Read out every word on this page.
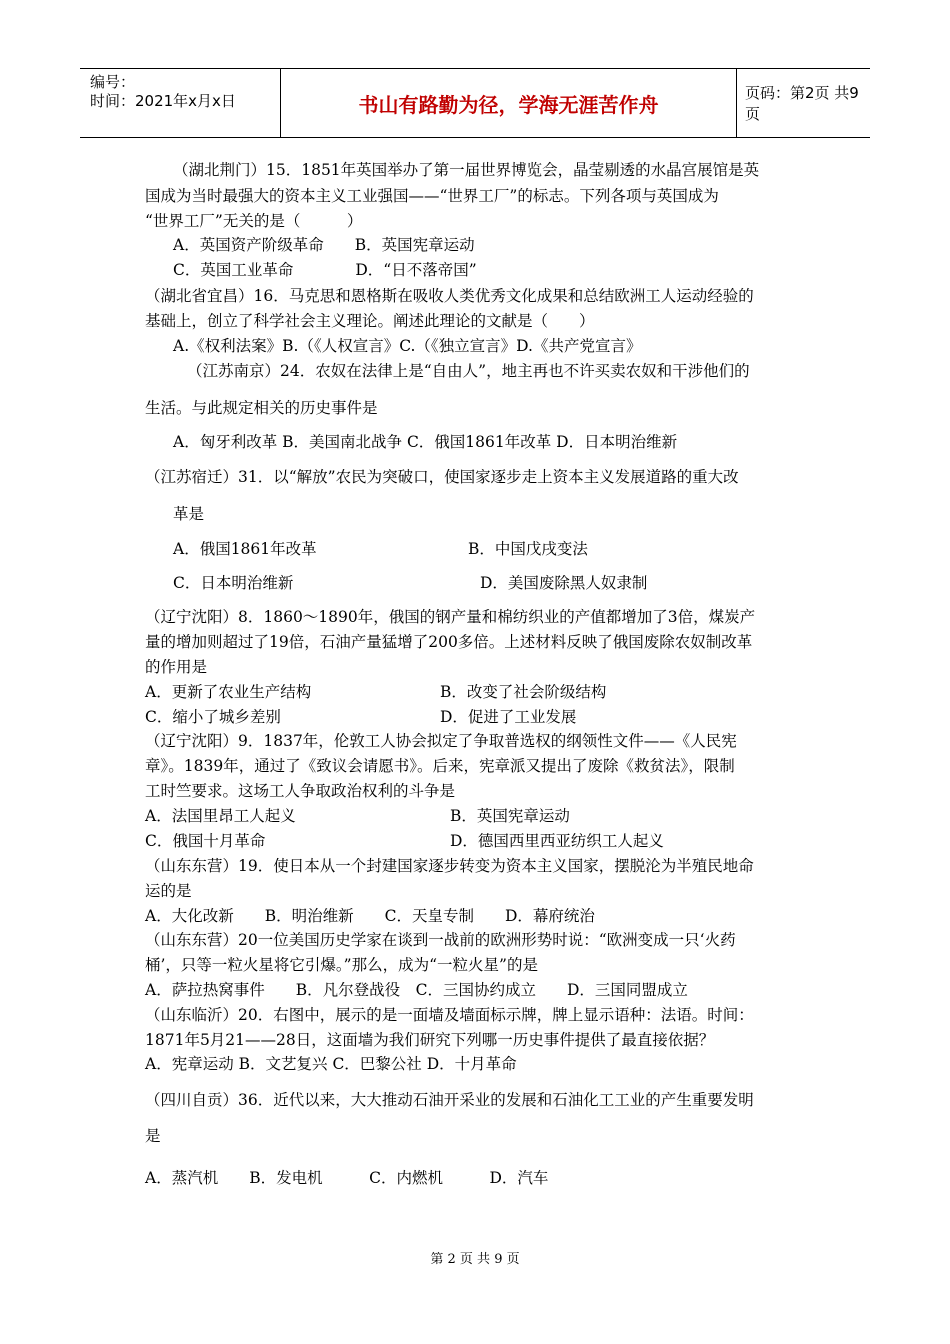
编号：
时间：2021年x月x日	书山有路勤为径，学海无涯苦作舟	页码：第2页 共9页
（湖北荆门）15．1851年英国举办了第一届世界博览会，晶莹剔透的水晶宫展馆是英
国成为当时最强大的资本主义工业强国——“世界工厂”的标志。下列各项与英国成为
“世界工厂”无关的是（　　　）
A．英国资产阶级革命　　B．英国宪章运动
C．英国工业革命　　　　D．“日不落帝国”
（湖北省宜昌）16．马克思和恩格斯在吸收人类优秀文化成果和总结欧洲工人运动经验的
基础上，创立了科学社会主义理论。阐述此理论的文献是（　　）
A.《权利法案》B.（《人权宣言》C.（《独立宣言》D.《共产党宣言》
（江苏南京）24．农奴在法律上是“自由人”，地主再也不许买卖农奴和干涉他们的
生活。与此规定相关的历史事件是
A．匈牙利改革 B．美国南北战争 C．俄国1861年改革 D．日本明治维新
（江苏宿迁）31．以“解放”农民为突破口，使国家逐步走上资本主义发展道路的重大改
革是
A．俄国1861年改革	B．中国戊戌变法
C．日本明治维新	D．美国废除黑人奴隶制
（辽宁沈阳）8．1860～1890年，俄国的钢产量和棉纺织业的产值都增加了3倍，煤炭产
量的增加则超过了19倍，石油产量猛增了200多倍。上述材料反映了俄国废除农奴制改革
的作用是
A．更新了农业生产结构	B．改变了社会阶级结构
C．缩小了城乡差别	D．促进了工业发展
（辽宁沈阳）9．1837年，伦敦工人协会拟定了争取普选权的纲领性文件——《人民宪
章》。1839年，通过了《致议会请愿书》。后来，宪章派又提出了废除《救贫法》，限制
工时竺要求。这场工人争取政治权利的斗争是
A．法国里昂工人起义	B．英国宪章运动
C．俄国十月革命	D．德国西里西亚纺织工人起义
（山东东营）19．使日本从一个封建国家逐步转变为资本主义国家，摆脱沦为半殖民地命
运的是
A．大化改新　　B．明治维新　　C．天皇专制　　D．幕府统治
（山东东营）20一位美国历史学家在谈到一战前的欧洲形势时说：“欧洲变成一只‘火药
桶’，只等一粒火星将它引爆。”那么，成为“一粒火星”的是
A．萨拉热窝事件　　B．凡尔登战役　C．三国协约成立　　D．三国同盟成立
（山东临沂）20．右图中，展示的是一面墙及墙面标示牌，牌上显示语种：法语。时间：
1871年5月21——28日，这面墙为我们研究下列哪一历史事件提供了最直接依据？
A．宪章运动 B．文艺复兴 C．巴黎公社 D．十月革命
（四川自贡）36．近代以来，大大推动石油开采业的发展和石油化工工业的产生重要发明
是
A．蒸汽机　　B．发电机　　　C．内燃机　　　D．汽车
第 2 页 共 9 页
